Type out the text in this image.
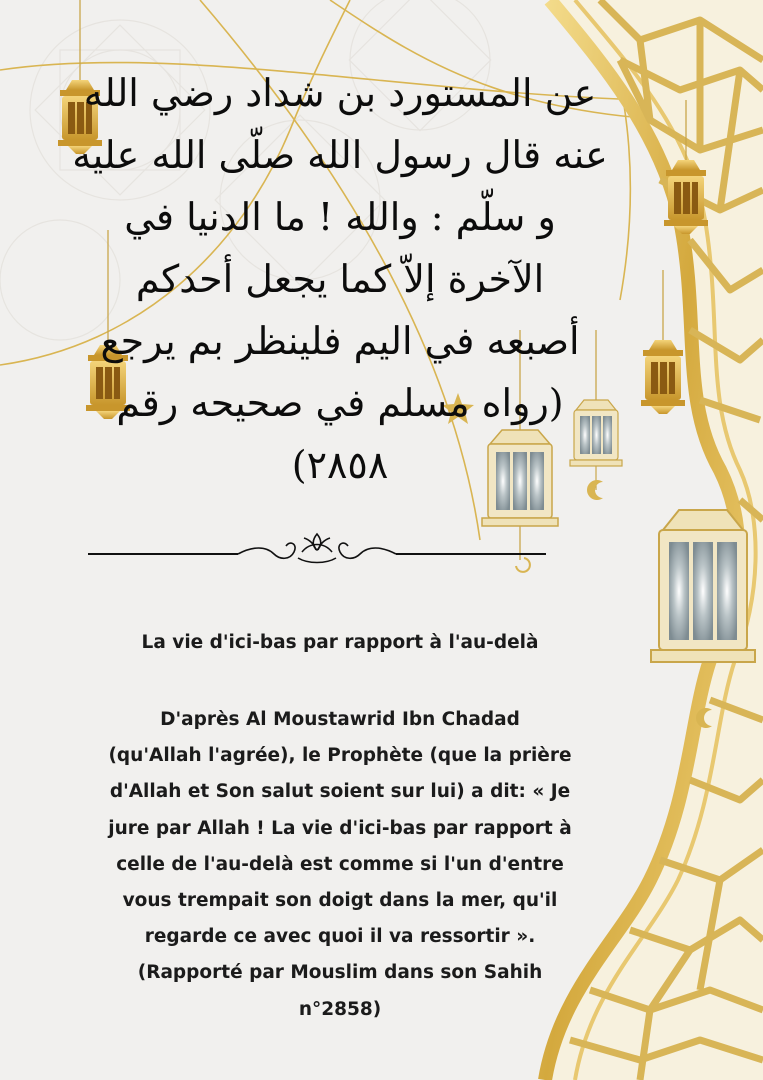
عن المستورد بن شداد رضي الله
عنه قال رسول الله صلّى الله عليه
و سلّم : والله ! ما الدنيا في
الآخرة إلاّ كما يجعل أحدكم
أصبعه في اليم فلينظر بم يرجع
(رواه مسلم في صحيحه رقم
٢٨٥٨)
La vie d'ici-bas par rapport à l'au-delà
D'après Al Moustawrid Ibn Chadad
(qu'Allah l'agrée), le Prophète (que la prière
d'Allah et Son salut soient sur lui) a dit: « Je
jure par Allah ! La vie d'ici-bas par rapport à
celle de l'au-delà est comme si l'un d'entre
vous trempait son doigt dans la mer, qu'il
regarde ce avec quoi il va ressortir ».
(Rapporté par Mouslim dans son Sahih
n°2858)
